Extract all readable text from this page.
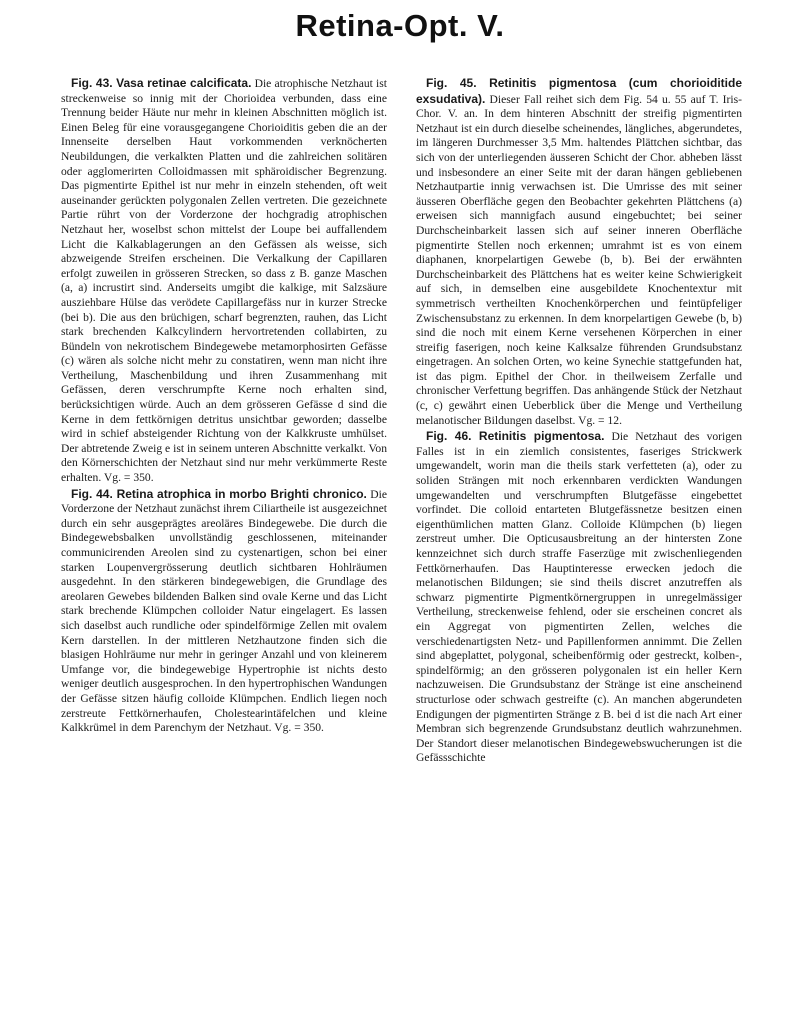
Retina-Opt. V.

Fig. 43. Vasa retinae calcificata. Die atrophische Netzhaut ist streckenweise so innig mit der Chorioidea verbunden, dass eine Trennung beider Häute nur mehr in kleinen Abschnitten möglich ist. Einen Beleg für eine vorausgegangene Chorioiditis geben die an der Innenseite derselben Haut vorkommenden verknöcherten Neubildungen, die verkalkten Platten und die zahlreichen solitären oder agglomerirten Colloidmassen mit sphäroidischer Begrenzung. Das pigmentirte Epithel ist nur mehr in einzeln stehenden, oft weit auseinander gerückten polygonalen Zellen vertreten. Die gezeichnete Partie rührt von der Vorderzone der hochgradig atrophischen Netzhaut her, woselbst schon mittelst der Loupe bei auffallendem Licht die Kalkablagerungen an den Gefässen als weisse, sich abzweigende Streifen erscheinen. Die Verkalkung der Capillaren erfolgt zuweilen in grösseren Strecken, so dass z B. ganze Maschen (a, a) incrustirt sind. Anderseits umgibt die kalkige, mit Salzsäure ausziehbare Hülse das verödete Capillargefäss nur in kurzer Strecke (bei b). Die aus den brüchigen, scharf begrenzten, rauhen, das Licht stark brechenden Kalkcylindern hervortretenden collabirten, zu Bündeln von nekrotischem Bindegewebe metamorphosirten Gefässe (c) wären als solche nicht mehr zu constatiren, wenn man nicht ihre Vertheilung, Maschenbildung und ihren Zusammenhang mit Gefässen, deren verschrumpfte Kerne noch erhalten sind, berücksichtigen würde. Auch an dem grösseren Gefässe d sind die Kerne in dem fettkörnigen detritus unsichtbar geworden; dasselbe wird in schief absteigender Richtung von der Kalkkruste umhülset. Der abtretende Zweig e ist in seinem unteren Abschnitte verkalkt. Von den Körnerschichten der Netzhaut sind nur mehr verkümmerte Reste erhalten. Vg. = 350.

Fig. 44. Retina atrophica in morbo Brighti chronico. Die Vorderzone der Netzhaut zunächst ihrem Ciliartheile ist ausgezeichnet durch ein sehr ausgeprägtes areoläres Bindegewebe. Die durch die Bindegewebsbalken unvollständig geschlossenen, miteinander communicirenden Areolen sind zu cystenartigen, schon bei einer starken Loupenvergrösserung deutlich sichtbaren Hohlräumen ausgedehnt. In den stärkeren bindegewebigen, die Grundlage des areolaren Gewebes bildenden Balken sind ovale Kerne und das Licht stark brechende Klümpchen colloider Natur eingelagert. Es lassen sich daselbst auch rundliche oder spindelförmige Zellen mit ovalem Kern darstellen. In der mittleren Netzhautzone finden sich die blasigen Hohlräume nur mehr in geringer Anzahl und von kleinerem Umfange vor, die bindegewebige Hypertrophie ist nichts desto weniger deutlich ausgesprochen. In den hypertrophischen Wandungen der Gefässe sitzen häufig colloide Klümpchen. Endlich liegen noch zerstreute Fettkörnerhaufen, Cholestearintäfelchen und kleine Kalkkrümel in dem Parenchym der Netzhaut. Vg. = 350.

Fig. 45. Retinitis pigmentosa (cum chorioiditide exsudativa). Dieser Fall reihet sich dem Fig. 54 u. 55 auf T. Iris-Chor. V. an. In dem hinteren Abschnitt der streifig pigmentirten Netzhaut ist ein durch dieselbe scheinendes, längliches, abgerundetes, im längeren Durchmesser 3,5 Mm. haltendes Plättchen sichtbar, das sich von der unterliegenden äusseren Schicht der Chor. abheben lässt und insbesondere an einer Seite mit der daran hängen gebliebenen Netzhautpartie innig verwachsen ist. Die Umrisse des mit seiner äusseren Oberfläche gegen den Beobachter gekehrten Plättchens (a) erweisen sich mannigfach ausund eingebuchtet; bei seiner Durchscheinbarkeit lassen sich auf seiner inneren Oberfläche pigmentirte Stellen noch erkennen; umrahmt ist es von einem diaphanen, knorpelartigen Gewebe (b, b). Bei der erwähnten Durchscheinbarkeit des Plättchens hat es weiter keine Schwierigkeit auf sich, in demselben eine ausgebildete Knochentextur mit symmetrisch vertheilten Knochenkörperchen und feintüpfeliger Zwischensubstanz zu erkennen. In dem knorpelartigen Gewebe (b, b) sind die noch mit einem Kerne versehenen Körperchen in einer streifig faserigen, noch keine Kalksalze führenden Grundsubstanz eingetragen. An solchen Orten, wo keine Synechie stattgefunden hat, ist das pigm. Epithel der Chor. in theilweisem Zerfalle und chronischer Verfettung begriffen. Das anhängende Stück der Netzhaut (c, c) gewährt einen Ueberblick über die Menge und Vertheilung melanotischer Bildungen daselbst. Vg. = 12.

Fig. 46. Retinitis pigmentosa. Die Netzhaut des vorigen Falles ist in ein ziemlich consistentes, faseriges Strickwerk umgewandelt, worin man die theils stark verfetteten (a), oder zu soliden Strängen mit noch erkennbaren verdickten Wandungen umgewandelten und verschrumpften Blutgefässe eingebettet vorfindet. Die colloid entarteten Blutgefässnetze besitzen einen eigenthümlichen matten Glanz. Colloide Klümpchen (b) liegen zerstreut umher. Die Opticusausbreitung an der hintersten Zone kennzeichnet sich durch straffe Faserzüge mit zwischenliegenden Fettkörnerhaufen. Das Hauptinteresse erwecken jedoch die melanotischen Bildungen; sie sind theils discret anzutreffen als schwarz pigmentirte Pigmentkörnergruppen in unregelmässiger Vertheilung, streckenweise fehlend, oder sie erscheinen concret als ein Aggregat von pigmentirten Zellen, welches die verschiedenartigsten Netz- und Papillenformen annimmt. Die Zellen sind abgeplattet, polygonal, scheibenförmig oder gestreckt, kolben-, spindelförmig; an den grösseren polygonalen ist ein heller Kern nachzuweisen. Die Grundsubstanz der Stränge ist eine anscheinend structurlose oder schwach gestreifte (c). An manchen abgerundeten Endigungen der pigmentirten Stränge z B. bei d ist die nach Art einer Membran sich begrenzende Grundsubstanz deutlich wahrzunehmen. Der Standort dieser melanotischen Bindegewebswucherungen ist die Gefässschichte
